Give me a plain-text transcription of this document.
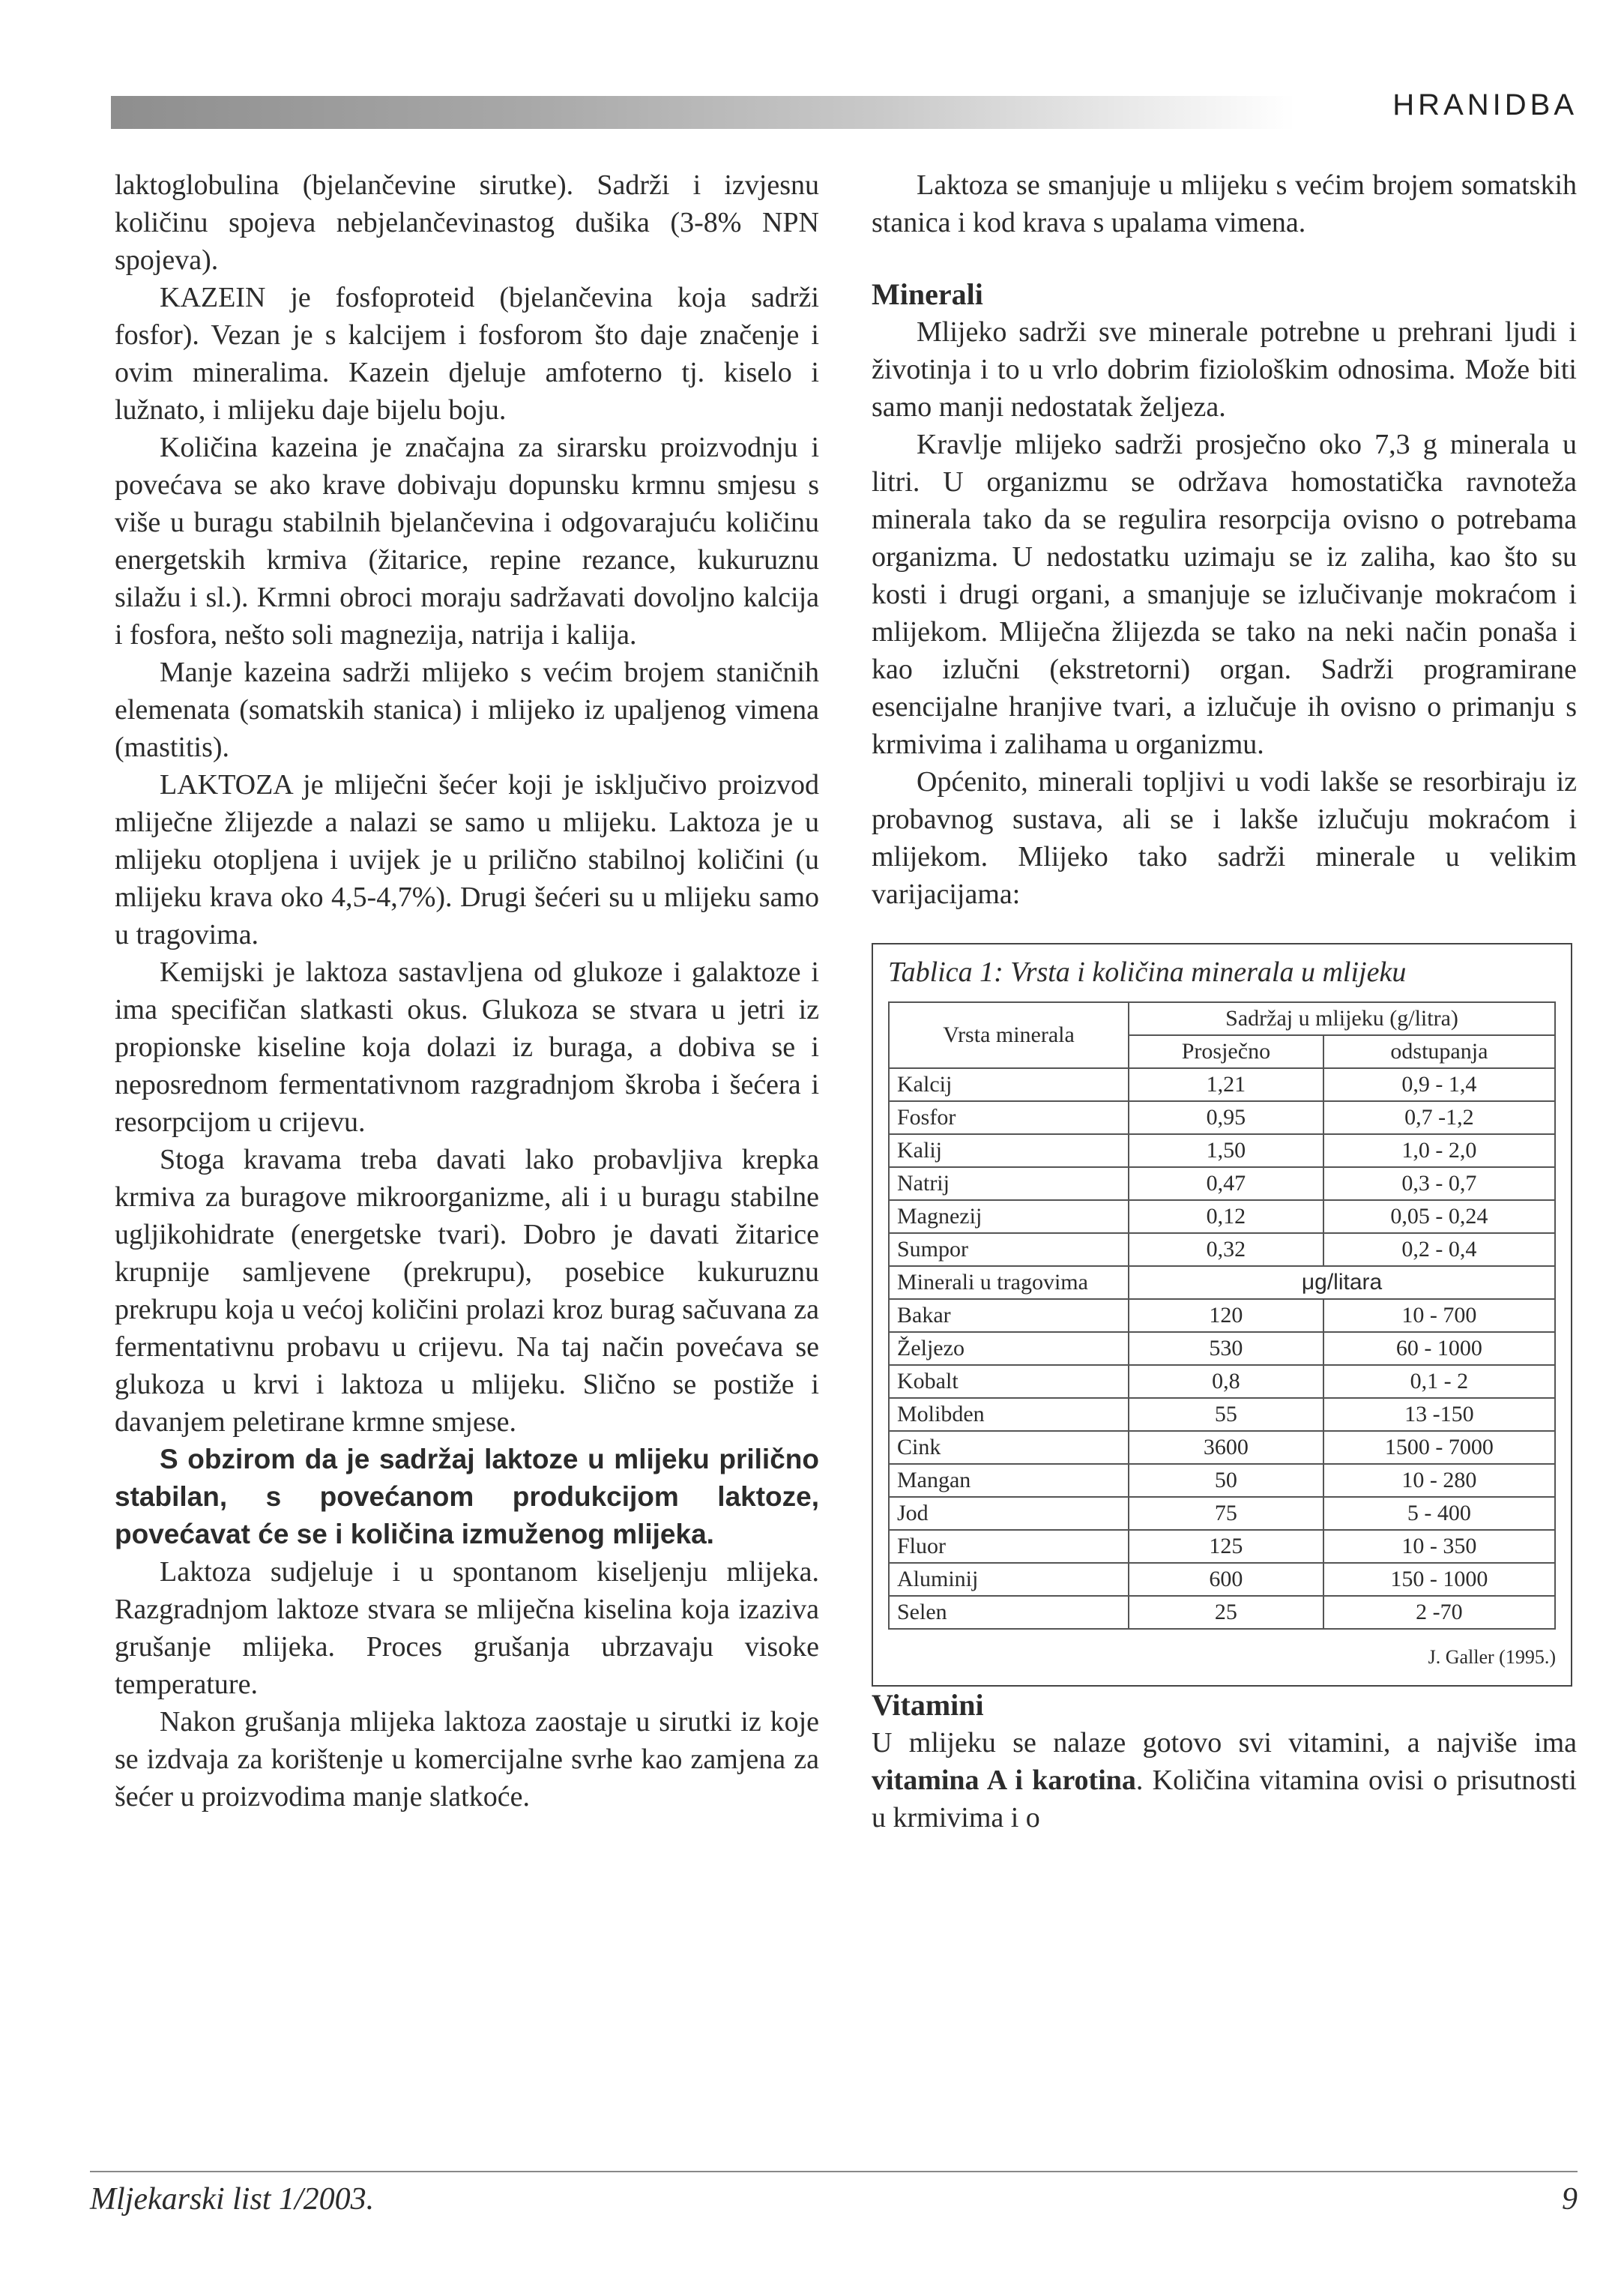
HRANIDBA

laktoglobulina (bjelančevine sirutke). Sadrži i izvjesnu količinu spojeva nebjelančevinastog dušika (3-8% NPN spojeva).

KAZEIN je fosfoproteid (bjelančevina koja sadrži fosfor). Vezan je s kalcijem i fosforom što daje značenje i ovim mineralima. Kazein djeluje amfoterno tj. kiselo i lužnato, i mlijeku daje bijelu boju.

Količina kazeina je značajna za sirarsku proizvodnju i povećava se ako krave dobivaju dopunsku krmnu smjesu s više u buragu stabilnih bjelančevina i odgovarajuću količinu energetskih krmiva (žitarice, repine rezance, kukuruznu silažu i sl.). Krmni obroci moraju sadržavati dovoljno kalcija i fosfora, nešto soli magnezija, natrija i kalija.

Manje kazeina sadrži mlijeko s većim brojem staničnih elemenata (somatskih stanica) i mlijeko iz upaljenog vimena (mastitis).

LAKTOZA je mliječni šećer koji je isključivo proizvod mliječne žlijezde a nalazi se samo u mlijeku. Laktoza je u mlijeku otopljena i uvijek je u prilično stabilnoj količini (u mlijeku krava oko 4,5-4,7%). Drugi šećeri su u mlijeku samo u tragovima.

Kemijski je laktoza sastavljena od glukoze i galaktoze i ima specifičan slatkasti okus. Glukoza se stvara u jetri iz propionske kiseline koja dolazi iz buraga, a dobiva se i neposrednom fermentativnom razgradnjom škroba i šećera i resorpcijom u crijevu.

Stoga kravama treba davati lako probavljiva krepka krmiva za buragove mikroorganizme, ali i u buragu stabilne ugljikohidrate (energetske tvari). Dobro je davati žitarice krupnije samljevene (prekrupu), posebice kukuruznu prekrupu koja u većoj količini prolazi kroz burag sačuvana za fermentativnu probavu u crijevu. Na taj način povećava se glukoza u krvi i laktoza u mlijeku. Slično se postiže i davanjem peletirane krmne smjese.

S obzirom da je sadržaj laktoze u mlijeku prilično stabilan, s povećanom produkcijom laktoze, povećavat će se i količina izmuženog mlijeka.

Laktoza sudjeluje i u spontanom kiseljenju mlijeka. Razgradnjom laktoze stvara se mliječna kiselina koja izaziva grušanje mlijeka. Proces grušanja ubrzavaju visoke temperature.

Nakon grušanja mlijeka laktoza zaostaje u sirutki iz koje se izdvaja za korištenje u komercijalne svrhe kao zamjena za šećer u proizvodima manje slatkoće.

Laktoza se smanjuje u mlijeku s većim brojem somatskih stanica i kod krava s upalama vimena.

Minerali

Mlijeko sadrži sve minerale potrebne u prehrani ljudi i životinja i to u vrlo dobrim fiziološkim odnosima. Može biti samo manji nedostatak željeza.

Kravlje mlijeko sadrži prosječno oko 7,3 g minerala u litri. U organizmu se održava homostatička ravnoteža minerala tako da se regulira resorpcija ovisno o potrebama organizma. U nedostatku uzimaju se iz zaliha, kao što su kosti i drugi organi, a smanjuje se izlučivanje mokraćom i mlijekom. Mliječna žlijezda se tako na neki način ponaša i kao izlučni (ekstretorni) organ. Sadrži programirane esencijalne hranjive tvari, a izlučuje ih ovisno o primanju s krmivima i zalihama u organizmu.

Općenito, minerali topljivi u vodi lakše se resorbiraju iz probavnog sustava, ali se i lakše izlučuju mokraćom i mlijekom. Mlijeko tako sadrži minerale u velikim varijacijama:

Tablica 1: Vrsta i količina minerala u mlijeku
Vrsta minerala	Sadržaj u mlijeku (g/litra)	
	Prosječno	odstupanja
Kalcij	1,21	0,9 - 1,4
Fosfor	0,95	0,7 -1,2
Kalij	1,50	1,0 - 2,0
Natrij	0,47	0,3 - 0,7
Magnezij	0,12	0,05 - 0,24
Sumpor	0,32	0,2 - 0,4
Minerali u tragovima	μg/litara	
Bakar	120	10 - 700
Željezo	530	60 - 1000
Kobalt	0,8	0,1 - 2
Molibden	55	13 -150
Cink	3600	1500 - 7000
Mangan	50	10 - 280
Jod	75	5 - 400
Fluor	125	10 - 350
Aluminij	600	150 - 1000
Selen	25	2 -70
J. Galler (1995.)
Vitamini

U mlijeku se nalaze gotovo svi vitamini, a najviše ima vitamina A i karotina. Količina vitamina ovisi o prisutnosti u krmivima i o

Mljekarski list 1/2003.	9
